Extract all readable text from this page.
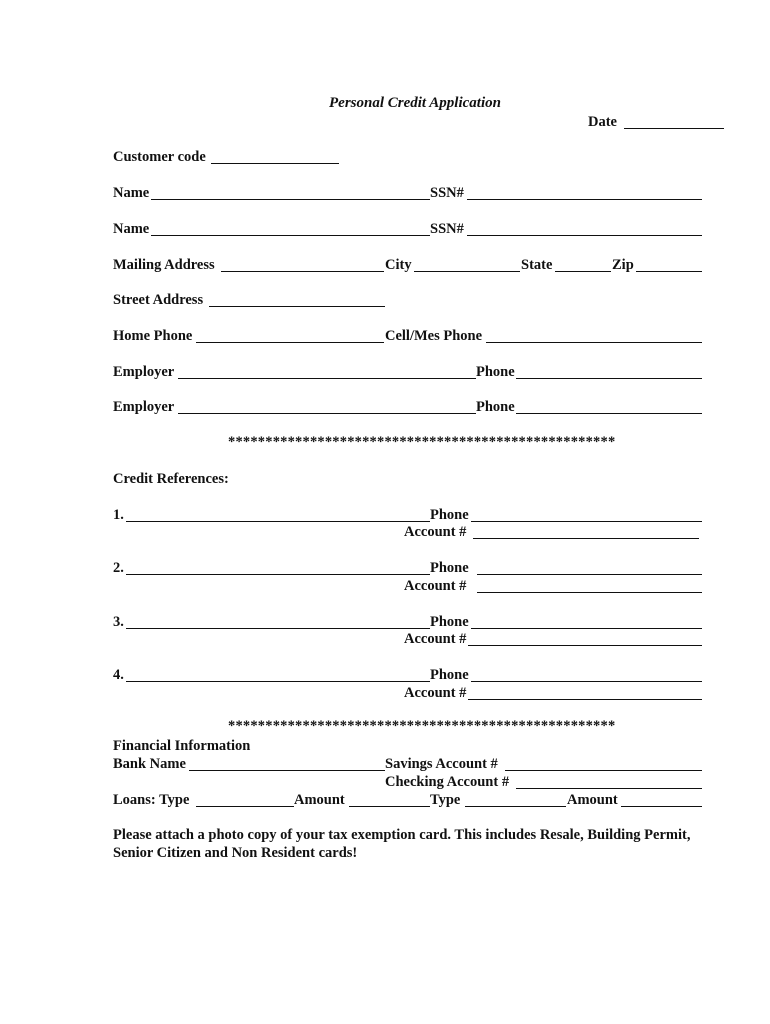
Personal Credit Application
Date
Customer code
Name	SSN#
Name	SSN#
Mailing Address	City	State	Zip
Street Address
Home Phone	Cell/Mes Phone
Employer	Phone
Employer	Phone
****************************************************
Credit References:
1.	Phone
Account #
2.	Phone
Account #
3.	Phone
Account #
4.	Phone
Account #
****************************************************
Financial Information
Bank Name	Savings Account #
Checking Account #
Loans: Type	Amount	Type	Amount
Please attach a photo copy of your tax exemption card. This includes Resale, Building Permit, Senior Citizen and Non Resident cards!
